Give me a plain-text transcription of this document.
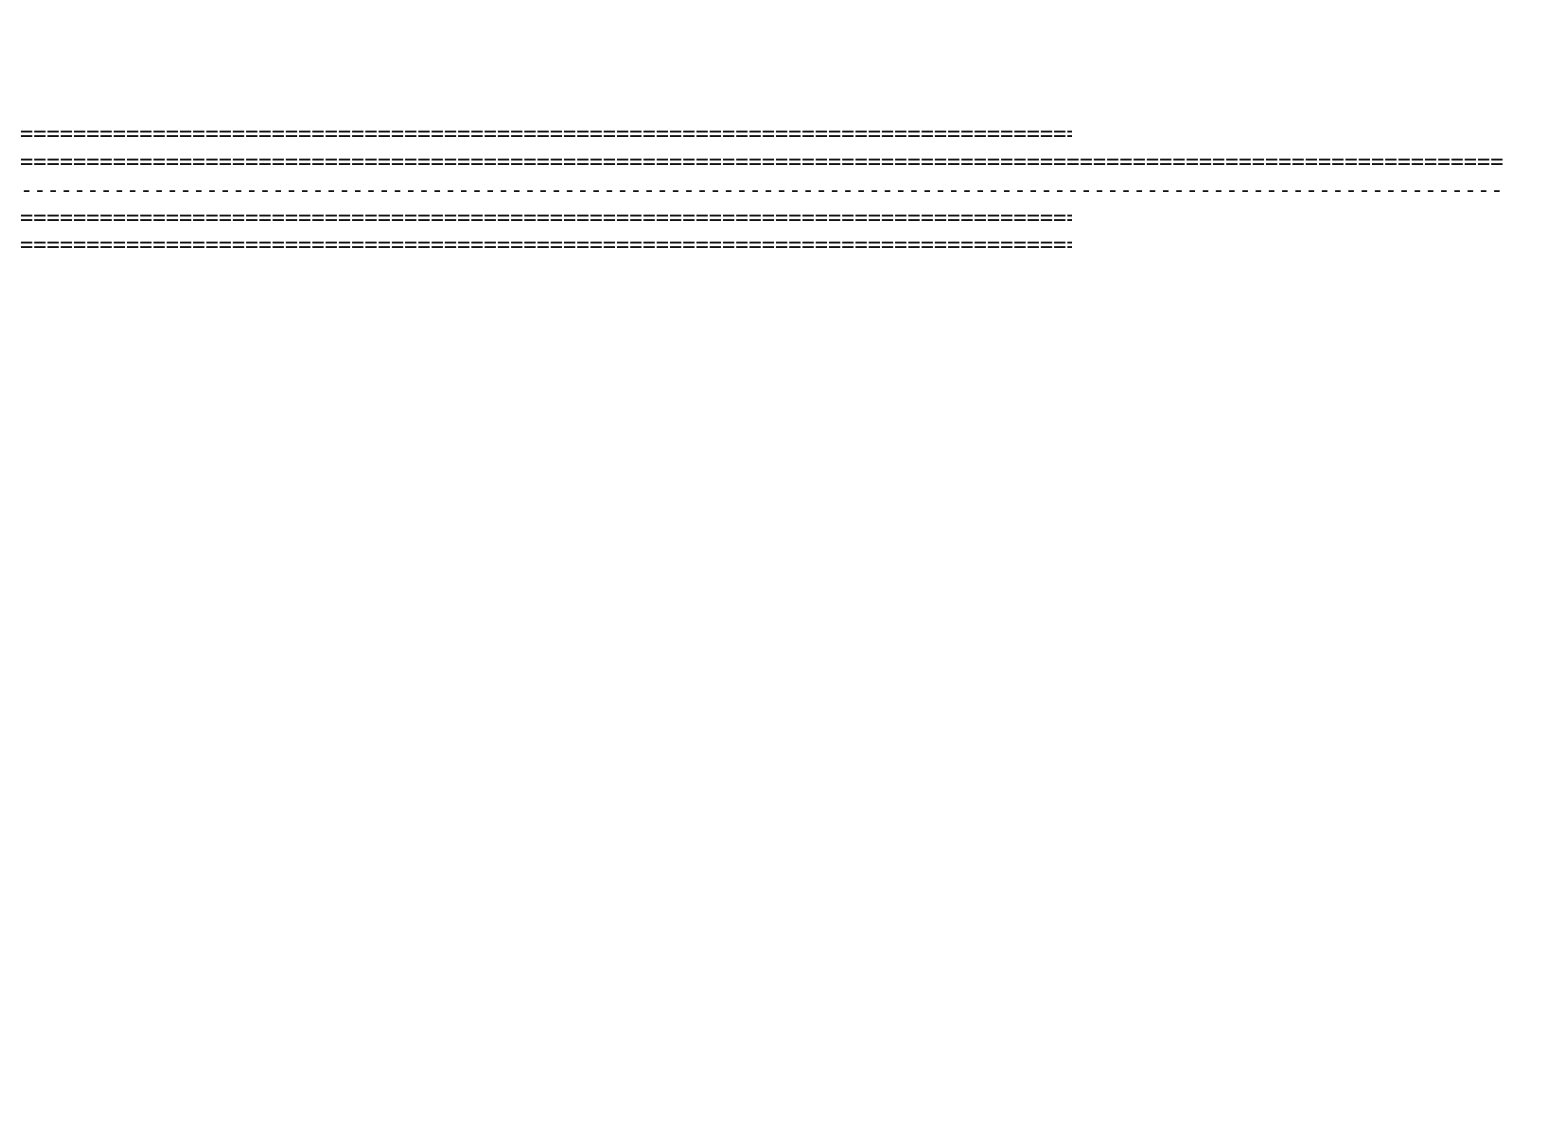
=====
=====
-----
=====
=====
